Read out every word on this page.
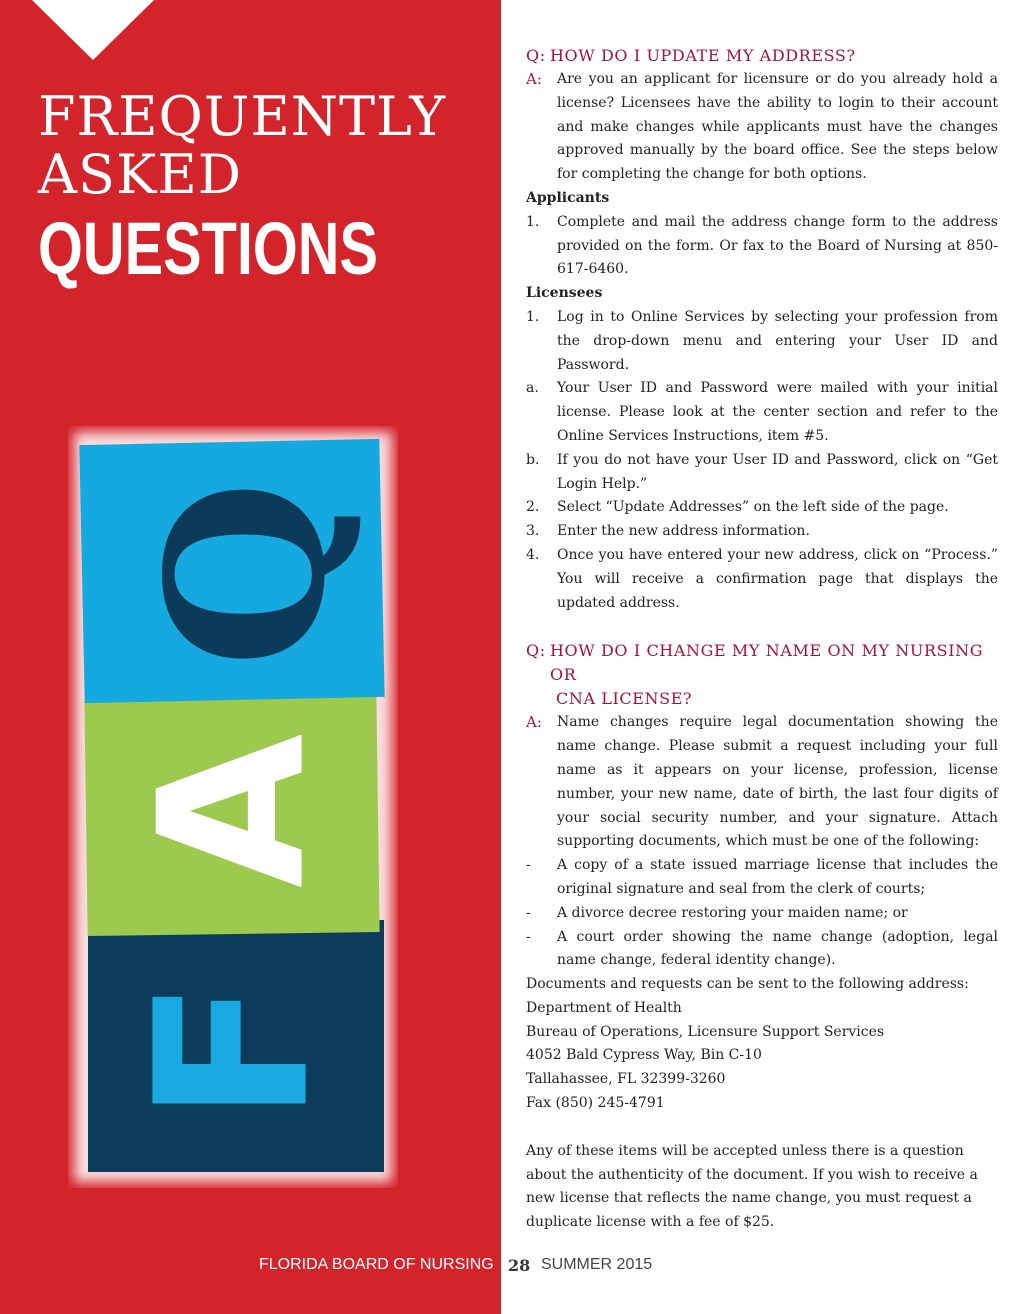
FREQUENTLY
ASKED
QUESTIONS
F
A
Q
Q: HOW DO I UPDATE MY ADDRESS?
A: Are you an applicant for licensure or do you already hold a license? Licensees have the ability to login to their account and make changes while applicants must have the changes approved manually by the board office. See the steps below for completing the change for both options.
Applicants
1. Complete and mail the address change form to the address provided on the form. Or fax to the Board of Nursing at 850-617-6460.
Licensees
1. Log in to Online Services by selecting your profession from the drop-down menu and entering your User ID and Password.
a. Your User ID and Password were mailed with your initial license. Please look at the center section and refer to the Online Services Instructions, item #5.
b. If you do not have your User ID and Password, click on “Get Login Help.”
2. Select “Update Addresses” on the left side of the page.
3. Enter the new address information.
4. Once you have entered your new address, click on “Process.” You will receive a confirmation page that displays the updated address.
Q: HOW DO I CHANGE MY NAME ON MY NURSING OR
CNA LICENSE?
A: Name changes require legal documentation showing the name change. Please submit a request including your full name as it appears on your license, profession, license number, your new name, date of birth, the last four digits of your social security number, and your signature. Attach supporting documents, which must be one of the following:
- A copy of a state issued marriage license that includes the original signature and seal from the clerk of courts;
- A divorce decree restoring your maiden name; or
- A court order showing the name change (adoption, legal name change, federal identity change).
Documents and requests can be sent to the following address:
Department of Health
Bureau of Operations, Licensure Support Services
4052 Bald Cypress Way, Bin C-10
Tallahassee, FL 32399-3260
Fax (850) 245-4791
Any of these items will be accepted unless there is a question about the authenticity of the document. If you wish to receive a new license that reflects the name change, you must request a duplicate license with a fee of $25.
FLORIDA BOARD OF NURSING 28 SUMMER 2015
